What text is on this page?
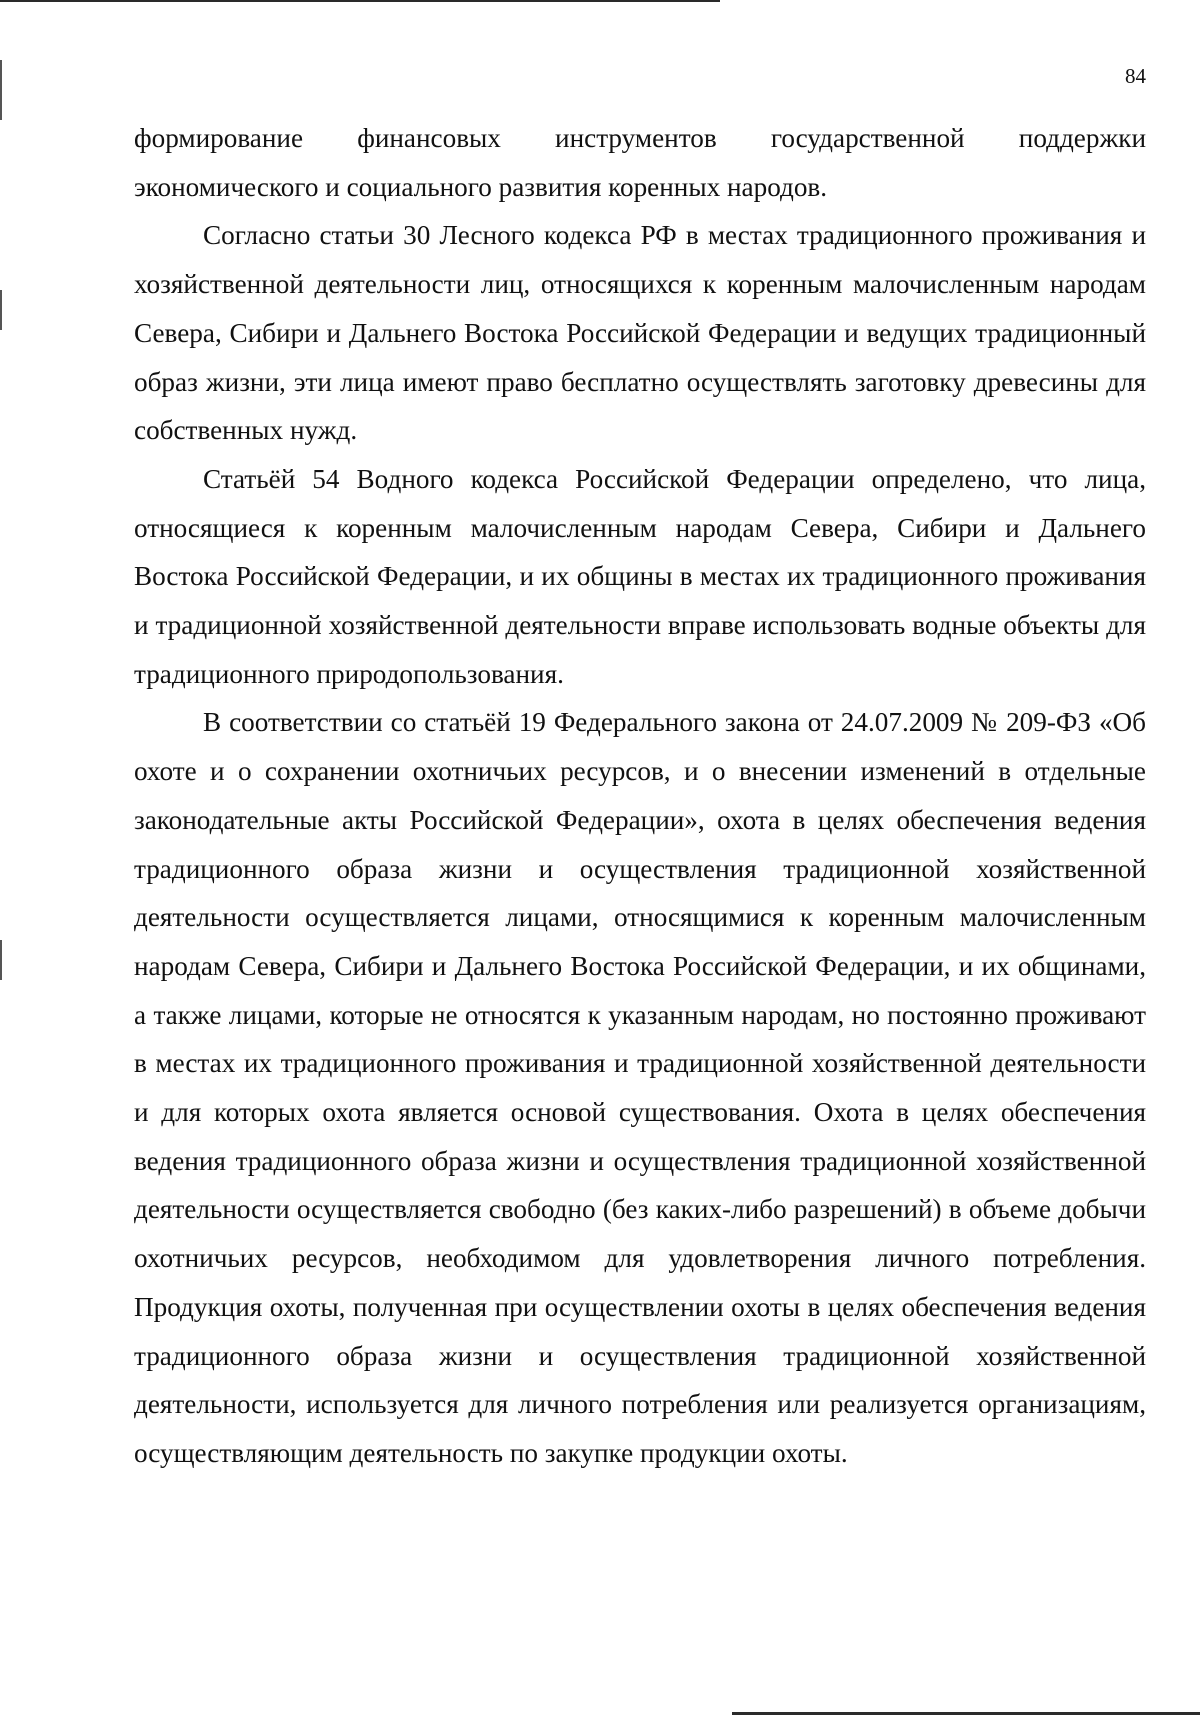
84

формирование финансовых инструментов государственной поддержки экономического и социального развития коренных народов.

Согласно статьи 30 Лесного кодекса РФ в местах традиционного проживания и хозяйственной деятельности лиц, относящихся к коренным малочисленным народам Севера, Сибири и Дальнего Востока Российской Федерации и ведущих традиционный образ жизни, эти лица имеют право бесплатно осуществлять заготовку древесины для собственных нужд.

Статьёй 54 Водного кодекса Российской Федерации определено, что лица, относящиеся к коренным малочисленным народам Севера, Сибири и Дальнего Востока Российской Федерации, и их общины в местах их традиционного проживания и традиционной хозяйственной деятельности вправе использовать водные объекты для традиционного природопользования.

В соответствии со статьёй 19 Федерального закона от 24.07.2009 № 209-ФЗ «Об охоте и о сохранении охотничьих ресурсов, и о внесении изменений в отдельные законодательные акты Российской Федерации», охота в целях обеспечения ведения традиционного образа жизни и осуществления традиционной хозяйственной деятельности осуществляется лицами, относящимися к коренным малочисленным народам Севера, Сибири и Дальнего Востока Российской Федерации, и их общинами, а также лицами, которые не относятся к указанным народам, но постоянно проживают в местах их традиционного проживания и традиционной хозяйственной деятельности и для которых охота является основой существования. Охота в целях обеспечения ведения традиционного образа жизни и осуществления традиционной хозяйственной деятельности осуществляется свободно (без каких-либо разрешений) в объеме добычи охотничьих ресурсов, необходимом для удовлетворения личного потребления. Продукция охоты, полученная при осуществлении охоты в целях обеспечения ведения традиционного образа жизни и осуществления традиционной хозяйственной деятельности, используется для личного потребления или реализуется организациям, осуществляющим деятельность по закупке продукции охоты.
